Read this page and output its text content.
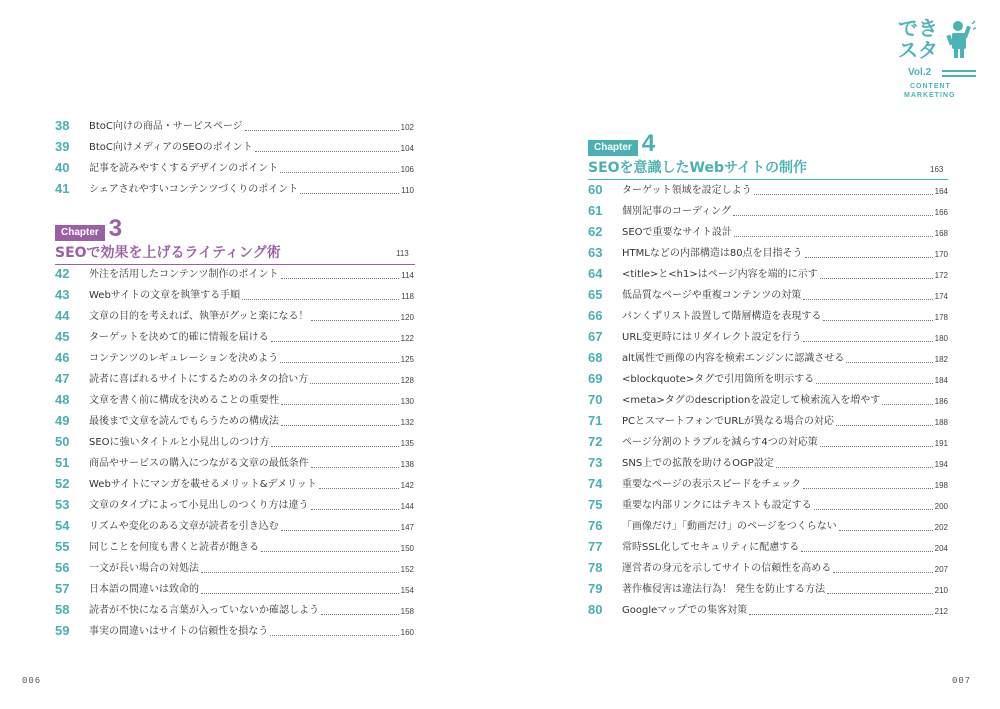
38	BtoC向けの商品・サービスページ	102
39	BtoC向けメディアのSEOのポイント	104
40	記事を読みやすくするデザインのポイント	106
41	シェアされやすいコンテンツづくりのポイント	110
Chapter 3
SEOで効果を上げるライティング術	113
42	外注を活用したコンテンツ制作のポイント	114
43	Webサイトの文章を執筆する手順	118
44	文章の目的を考えれば、執筆がグッと楽になる！	120
45	ターゲットを決めて的確に情報を届ける	122
46	コンテンツのレギュレーションを決めよう	125
47	読者に喜ばれるサイトにするためのネタの拾い方	128
48	文章を書く前に構成を決めることの重要性	130
49	最後まで文章を読んでもらうための構成法	132
50	SEOに強いタイトルと小見出しのつけ方	135
51	商品やサービスの購入につながる文章の最低条件	138
52	Webサイトにマンガを載せるメリット&デメリット	142
53	文章のタイプによって小見出しのつくり方は違う	144
54	リズムや変化のある文章が読者を引き込む	147
55	同じことを何度も書くと読者が飽きる	150
56	一文が長い場合の対処法	152
57	日本語の間違いは致命的	154
58	読者が不快になる言葉が入っていないか確認しよう	158
59	事実の間違いはサイトの信頼性を損なう	160
006
Chapter 4
SEOを意識したWebサイトの制作	163
60	ターゲット領域を設定しよう	164
61	個別記事のコーディング	166
62	SEOで重要なサイト設計	168
63	HTMLなどの内部構造は80点を目指そう	170
64	<title>と<h1>はページ内容を端的に示す	172
65	低品質なページや重複コンテンツの対策	174
66	パンくずリスト設置して階層構造を表現する	178
67	URL変更時にはリダイレクト設定を行う	180
68	alt属性で画像の内容を検索エンジンに認識させる	182
69	<blockquote>タグで引用箇所を明示する	184
70	<meta>タグのdescriptionを設定して検索流入を増やす	186
71	PCとスマートフォンでURLが異なる場合の対応	188
72	ページ分割のトラブルを減らす4つの対応策	191
73	SNS上での拡散を助けるOGP設定	194
74	重要なページの表示スピードをチェック	198
75	重要な内部リンクにはテキストも設定する	200
76	「画像だけ」「動画だけ」のページをつくらない	202
77	常時SSL化してセキュリティに配慮する	204
78	運営者の身元を示してサイトの信頼性を高める	207
79	著作権侵害は違法行為！ 発生を防止する方法	210
80	Googleマップでの集客対策	212
007
でき
スタ
Vol.2
CONTENT
MARKETING
